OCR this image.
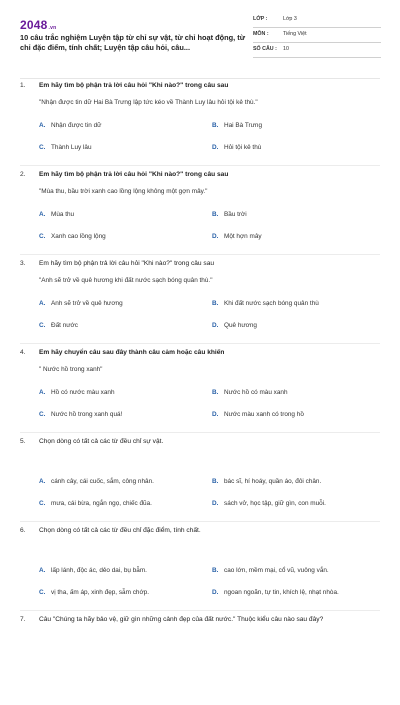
2048.vn
10 câu trắc nghiệm Luyện tập từ chỉ sự vật, từ chỉ hoạt động, từ chỉ đặc điểm, tính chất; Luyện tập câu hỏi, câu...
LỚP :	Lớp 3
MÔN :	Tiếng Việt
SỐ CÂU : 10
1. Em hãy tìm bộ phận trả lời câu hỏi "Khi nào?" trong câu sau
"Nhận được tin dữ Hai Bà Trưng lập tức kéo về Thành Luy lâu hỏi tội kẻ thù."
A. Nhận được tin dữ	B. Hai Bà Trưng
C. Thành Luy lâu	D. Hỏi tội kẻ thù
2. Em hãy tìm bộ phận trả lời câu hỏi "Khi nào?" trong câu sau
"Mùa thu, bầu trời xanh cao lồng lộng không một gợn mây."
A. Mùa thu	B. Bầu trời
C. Xanh cao lồng lộng	D. Một hợn mây
3. Em hãy tìm bộ phận trả lời câu hỏi "Khi nào?" trong câu sau
"Anh sẽ trở về quê hương khi đất nước sạch bóng quân thù."
A. Anh sẽ trở về quê hương	B. Khi đất nước sạch bóng quân thù
C. Đất nước	D. Quê hương
4. Em hãy chuyển câu sau đây thành câu cảm hoặc câu khiến
" Nước hồ trong xanh"
A. Hồ có nước màu xanh	B. Nước hồ có màu xanh
C. Nước hồ trong xanh quá!	D. Nước màu xanh có trong hồ
5. Chọn dòng có tất cả các từ đều chỉ sự vật.
A. cánh cây, cái cuốc, sắm, công nhân.	B. bác sĩ, hí hoáy, quần áo, đôi chân.
C. mưa, cái bừa, ngắn ngọ, chiếc đũa.	D. sách vở, học tập, giữ gìn, con muỗi.
6. Chọn dòng có tất cả các từ đều chỉ đặc điểm, tính chất.
A. lấp lánh, độc ác, dẻo dai, bụ bẫm.	B. cao lớn, mềm mại, cổ vũ, vuông vắn.
C. vị tha, ấm áp, xinh đẹp, sẫm chớp.	D. ngoan ngoãn, tự tin, khích lệ, nhạt nhòa.
7. Câu "Chúng ta hãy bảo vệ, giữ gìn những cảnh đẹp của đất nước." Thuộc kiểu câu nào sau đây?
